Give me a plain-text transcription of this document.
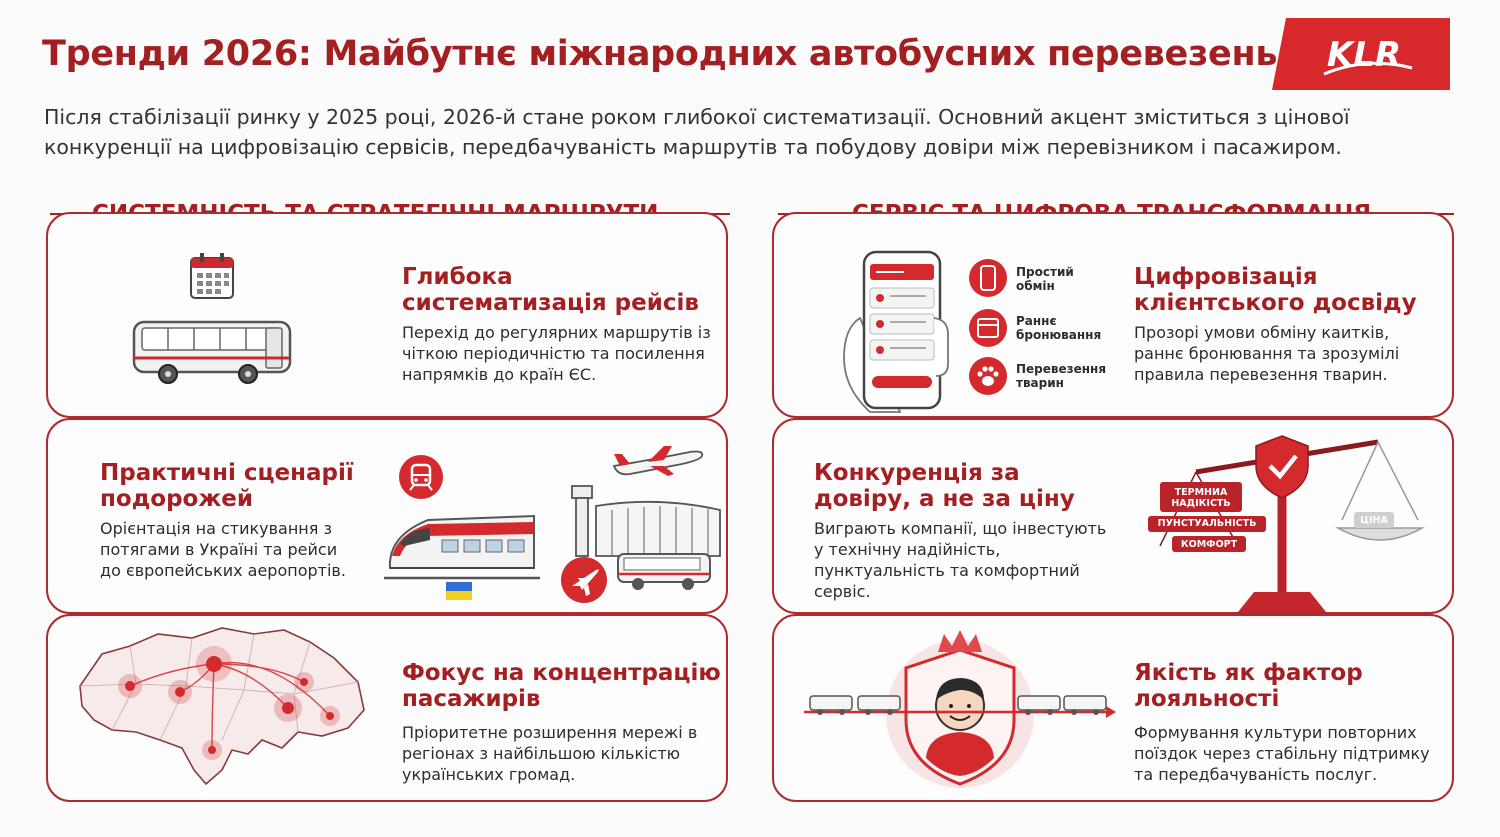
Тренди 2026: Майбутнє міжнародних автобусних перевезень KLR
Після стабілізації ринку у 2025 році, 2026-й стане роком глибокої систематизації. Основний акцент зміститься з цінової конкуренції на цифровізацію сервісів, передбачуваність маршрутів та побудову довіри між перевізником і пасажиром.
Глибока систематизація рейсів
Перехід до регулярних маршрутів із чіткою періодичністю та посилення напрямків до країн ЄС.
Практичні сценарії подорожей
Орієнтація на стикування з потягами в Україні та рейси до європейських аеропортів.
Фокус на концентрацію пасажирів
Пріоритетне розширення мережі в регіонах з найбільшою кількістю українських громад.
Простий обмін
Раннє бронювання
Перевезення тварин
Цифровізація клієнтського досвіду
Прозорі умови обміну каитків, раннє бронювання та зрозумілі правила перевезення тварин.
Конкуренція за довіру, а не за ціну
Виграють компанії, що інвестують у технічну надійність, пунктуальність та комфортний сервіс.
ТЕРМНИА НАДІКІСТЬ
ПУНСТУАЛЬНІСТЬ
КОМФОРТ
ЦІНА
Якість як фактор лояльності
Формування культури повторних поїздок через стабільну підтримку та передбачуваність послуг.
